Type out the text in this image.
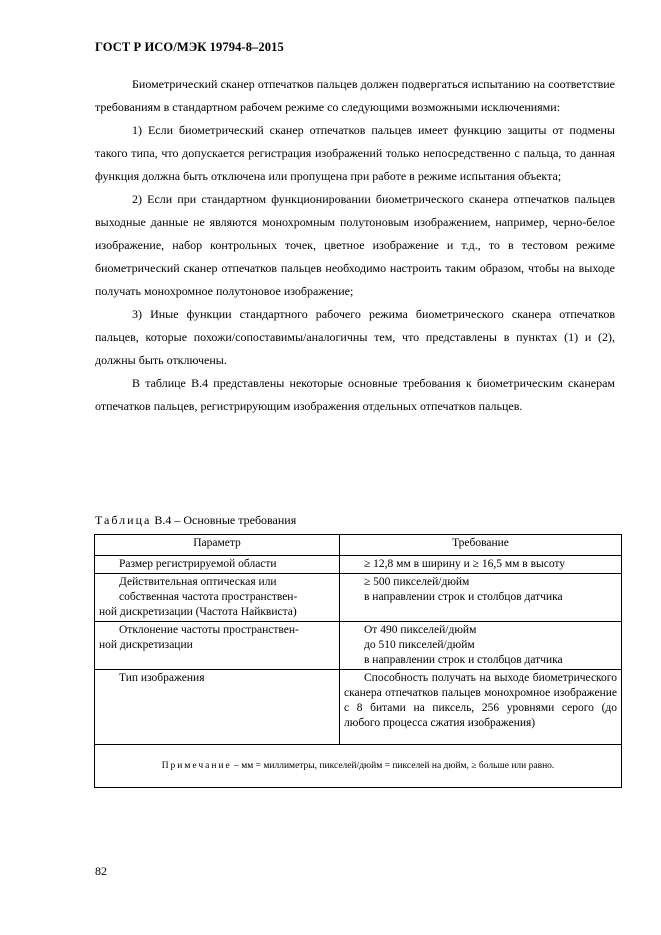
ГОСТ Р ИСО/МЭК 19794-8–2015

Биометрический сканер отпечатков пальцев должен подвергаться испытанию на соответствие требованиям в стандартном рабочем режиме со следующими возможными исключениями:

1) Если биометрический сканер отпечатков пальцев имеет функцию защиты от подмены такого типа, что допускается регистрация изображений только непосредственно с пальца, то данная функция должна быть отключена или пропущена при работе в режиме испытания объекта;

2) Если при стандартном функционировании биометрического сканера отпечатков пальцев выходные данные не являются монохромным полутоновым изображением, например, черно-белое изображение, набор контрольных точек, цветное изображение и т.д., то в тестовом режиме биометрический сканер отпечатков пальцев необходимо настроить таким образом, чтобы на выходе получать монохромное полутоновое изображение;

3) Иные функции стандартного рабочего режима биометрического сканера отпечатков пальцев, которые похожи/сопоставимы/аналогичны тем, что представлены в пунктах (1) и (2), должны быть отключены.

В таблице В.4 представлены некоторые основные требования к биометрическим сканерам отпечатков пальцев, регистрирующим изображения отдельных отпечатков пальцев.

Таблица В.4 – Основные требования
Параметр	Требование

Размер регистрируемой области	≥ 12,8 мм в ширину и ≥ 16,5 мм в высоту

Действительная оптическая или
собственная частота пространствен-
ной дискретизации (Частота Найквиста)	≥ 500 пикселей/дюйм
в направлении строк и столбцов датчика

Отклонение частоты пространствен-
ной дискретизации	От 490 пикселей/дюйм
до 510 пикселей/дюйм
в направлении строк и столбцов датчика

Тип изображения	Способность получать на выходе биометрического сканера отпечатков пальцев монохромное изображение с 8 битами на пиксель, 256 уровнями серого (до любого процесса сжатия изображения)

Примечание – мм = миллиметры, пикселей/дюйм = пикселей на дюйм, ≥ больше или равно.	
82
